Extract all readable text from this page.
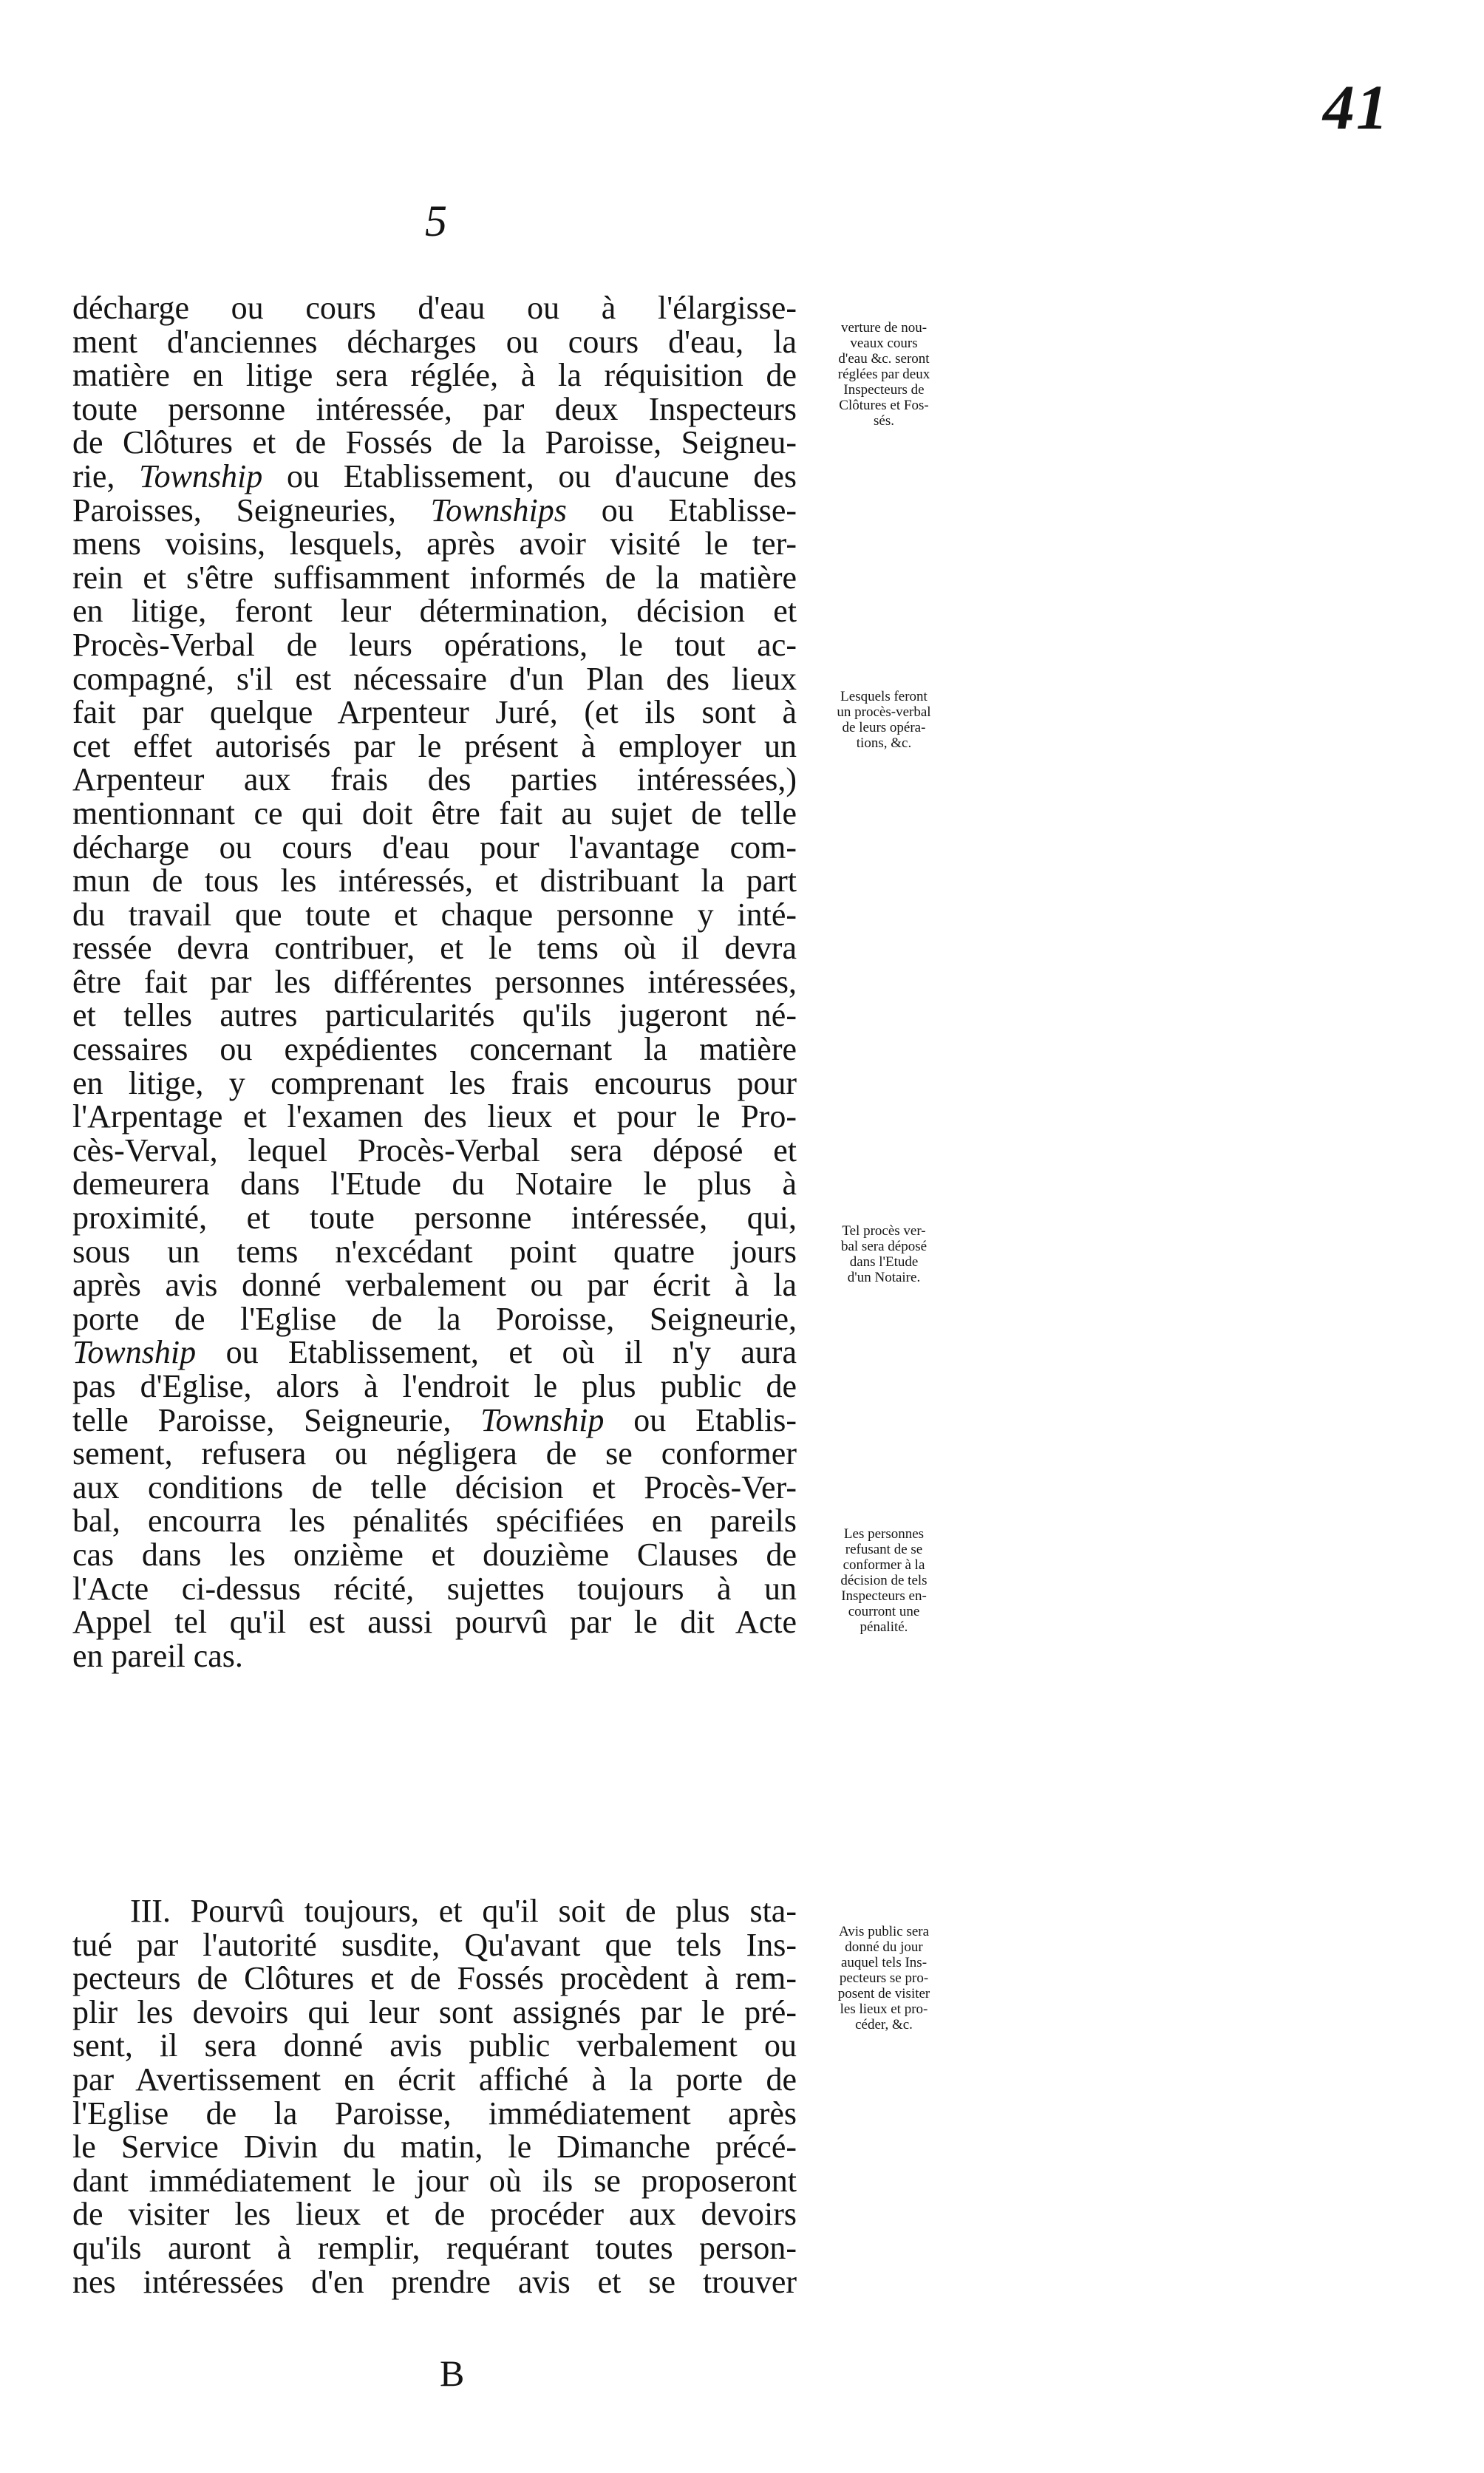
41
5
décharge ou cours d'eau ou à l'élargisse-
ment d'anciennes décharges ou cours d'eau, la
matière en litige sera réglée, à la réquisition de
toute personne intéressée, par deux Inspecteurs
de Clôtures et de Fossés de la Paroisse, Seigneu-
rie, Township ou Etablissement, ou d'aucune des
Paroisses, Seigneuries, Townships ou Etablisse-
mens voisins, lesquels, après avoir visité le ter-
rein et s'être suffisamment informés de la matière
en litige, feront leur détermination, décision et
Procès-Verbal de leurs opérations, le tout ac-
compagné, s'il est nécessaire d'un Plan des lieux
fait par quelque Arpenteur Juré, (et ils sont à
cet effet autorisés par le présent à employer un
Arpenteur aux frais des parties intéressées,)
mentionnant ce qui doit être fait au sujet de telle
décharge ou cours d'eau pour l'avantage com-
mun de tous les intéressés, et distribuant la part
du travail que toute et chaque personne y inté-
ressée devra contribuer, et le tems où il devra
être fait par les différentes personnes intéressées,
et telles autres particularités qu'ils jugeront né-
cessaires ou expédientes concernant la matière
en litige, y comprenant les frais encourus pour
l'Arpentage et l'examen des lieux et pour le Pro-
cès-Verval, lequel Procès-Verbal sera déposé et
demeurera dans l'Etude du Notaire le plus à
proximité, et toute personne intéressée, qui,
sous un tems n'excédant point quatre jours
après avis donné verbalement ou par écrit à la
porte de l'Eglise de la Poroisse, Seigneurie,
Township ou Etablissement, et où il n'y aura
pas d'Eglise, alors à l'endroit le plus public de
telle Paroisse, Seigneurie, Township ou Etablis-
sement, refusera ou négligera de se conformer
aux conditions de telle décision et Procès-Ver-
bal, encourra les pénalités spécifiées en pareils
cas dans les onzième et douzième Clauses de
l'Acte ci-dessus récité, sujettes toujours à un
Appel tel qu'il est aussi pourvû par le dit Acte
en pareil cas.
III. Pourvû toujours, et qu'il soit de plus sta-
tué par l'autorité susdite, Qu'avant que tels Ins-
pecteurs de Clôtures et de Fossés procèdent à rem-
plir les devoirs qui leur sont assignés par le pré-
sent, il sera donné avis public verbalement ou
par Avertissement en écrit affiché à la porte de
l'Eglise de la Paroisse, immédiatement après
le Service Divin du matin, le Dimanche précé-
dant immédiatement le jour où ils se proposeront
de visiter les lieux et de procéder aux devoirs
qu'ils auront à remplir, requérant toutes person-
nes intéressées d'en prendre avis et se trouver
verture de nou-
veaux cours
d'eau &c. seront
réglées par deux
Inspecteurs de
Clôtures et Fos-
sés.
Lesquels feront
un procès-verbal
de leurs opéra-
tions, &c.
Tel procès ver-
bal sera déposé
dans l'Etude
d'un Notaire.
Les personnes
refusant de se
conformer à la
décision de tels
Inspecteurs en-
courront une
pénalité.
Avis public sera
donné du jour
auquel tels Ins-
pecteurs se pro-
posent de visiter
les lieux et pro-
céder, &c.
B
